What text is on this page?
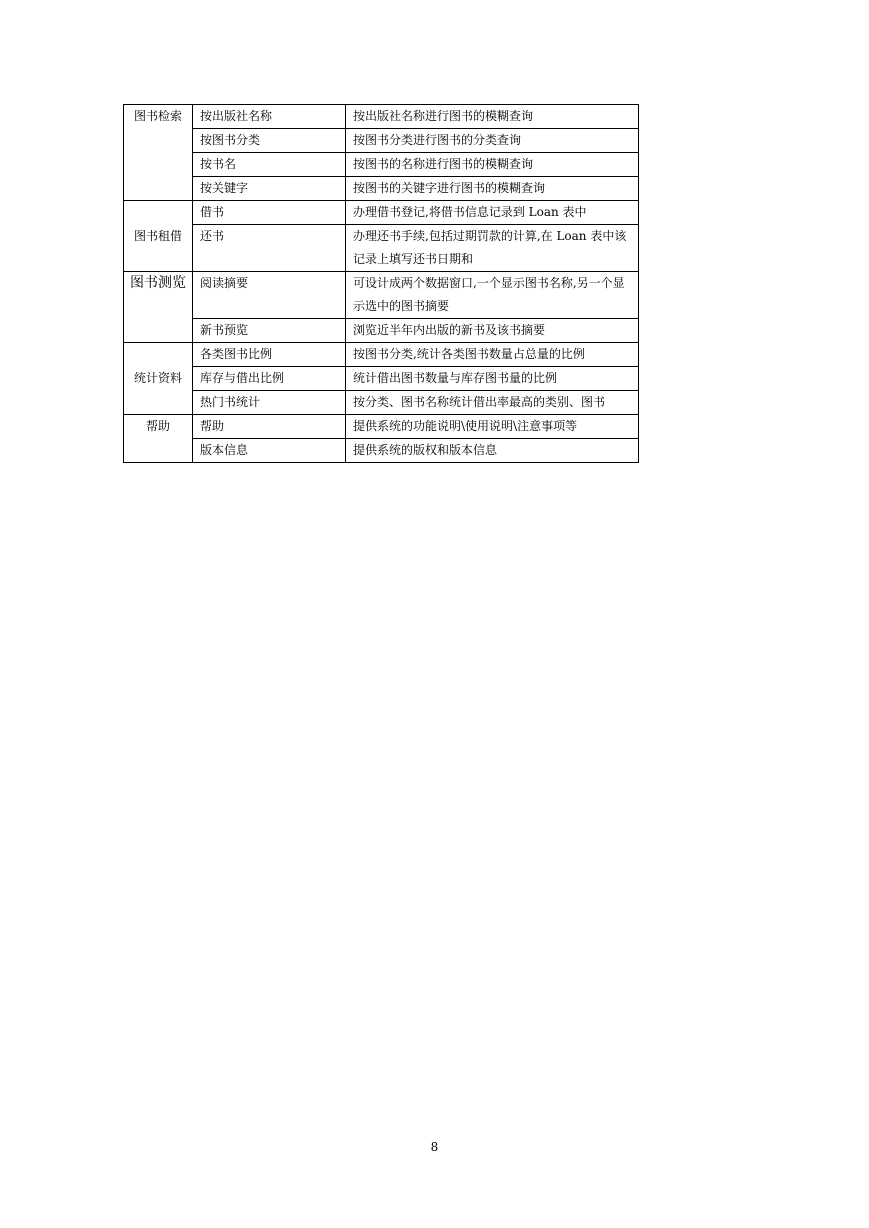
图书检索	按出版社名称	按出版社名称进行图书的模糊查询
	按图书分类	按图书分类进行图书的分类查询
	按书名	按图书的名称进行图书的模糊查询
	按关键字	按图书的关键字进行图书的模糊查询
图书租借	借书	办理借书登记,将借书信息记录到 Loan 表中
	还书	办理还书手续,包括过期罚款的计算,在 Loan 表中该记录上填写还书日期和
图书测览	阅读摘要	可设计成两个数据窗口,一个显示图书名称,另一个显示选中的图书摘要
	新书预览	浏览近半年内出版的新书及该书摘要
统计资料	各类图书比例	按图书分类,统计各类图书数量占总量的比例
	库存与借出比例	统计借出图书数量与库存图书量的比例
	热门书统计	按分类、图书名称统计借出率最高的类别、图书
帮助	帮助	提供系统的功能说明\使用说明\注意事项等
	版本信息	提供系统的版权和版本信息
8
